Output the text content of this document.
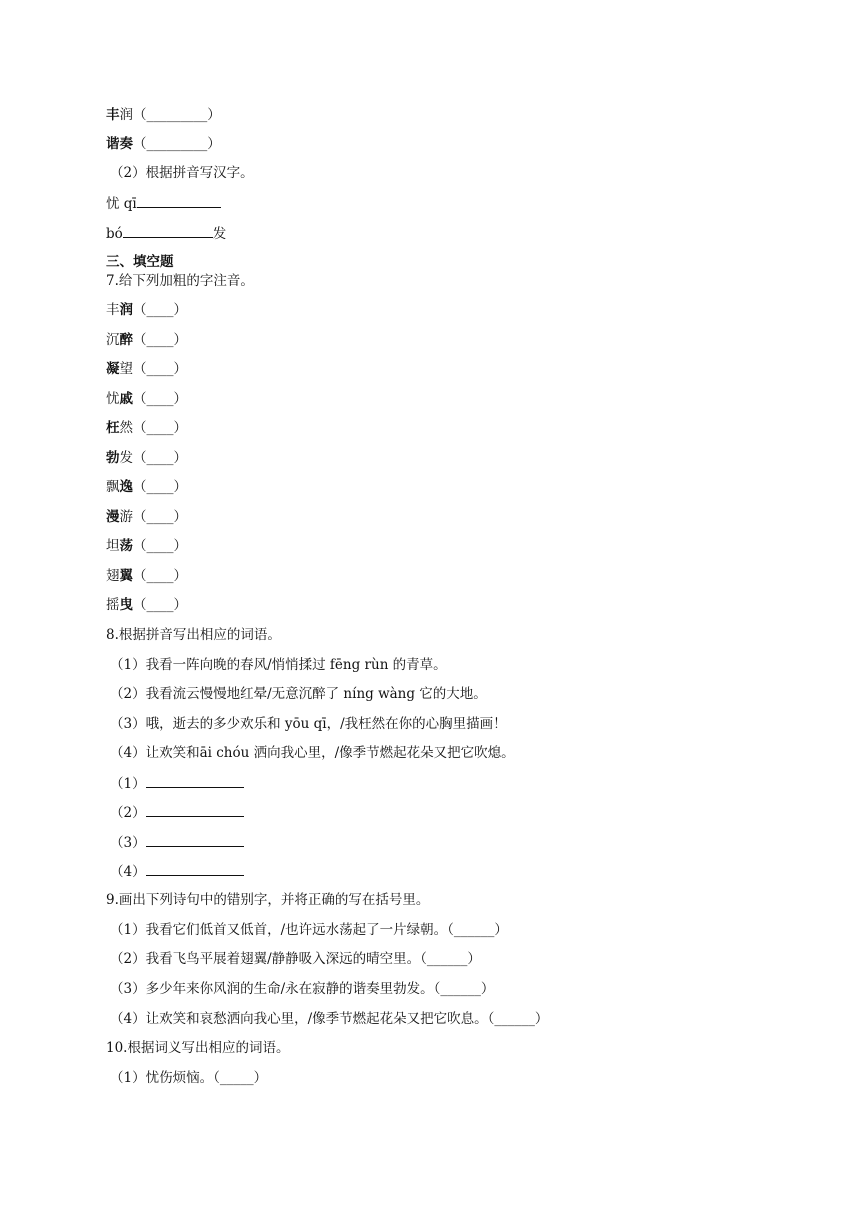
丰润（_________）
谐奏（_________）
（2）根据拼音写汉字。
忧 qī
bó	发
三、填空题
7.给下列加粗的字注音。
丰润（____）
沉醉（____）
凝望（____）
忧戚（____）
枉然（____）
勃发（____）
飘逸（____）
漫游（____）
坦荡（____）
翅翼（____）
摇曳（____）
8.根据拼音写出相应的词语。
（1）我看一阵向晚的春风/悄悄揉过 fēng rùn 的青草。
（2）我看流云慢慢地红晕/无意沉醉了 níng wàng 它的大地。
（3）哦，逝去的多少欢乐和 yōu qī，/我枉然在你的心胸里描画！
（4）让欢笑和āi chóu 洒向我心里，/像季节燃起花朵又把它吹熄。
（1）
（2）
（3）
（4）
9.画出下列诗句中的错别字，并将正确的写在括号里。
（1）我看它们低首又低首，/也许远水荡起了一片绿朝。（______）
（2）我看飞鸟平展着翅翼/静静吸入深远的晴空里。（______）
（3）多少年来你风润的生命/永在寂静的谐奏里勃发。（______）
（4）让欢笑和哀愁洒向我心里，/像季节燃起花朵又把它吹息。（______）
10.根据词义写出相应的词语。
（1）忧伤烦恼。（_____）
